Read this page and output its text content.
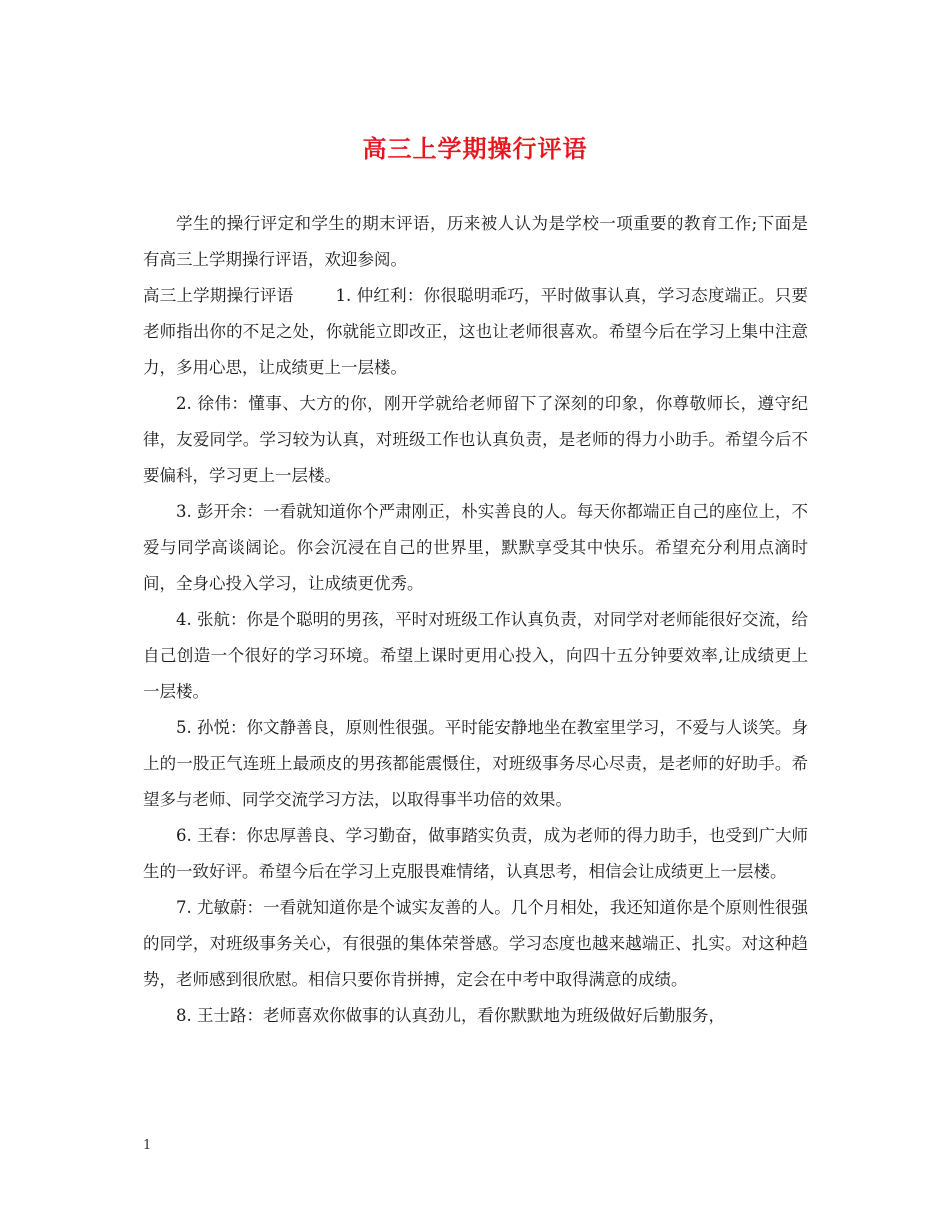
高三上学期操行评语

学生的操行评定和学生的期末评语，历来被人认为是学校一项重要的教育工作;下面是有高三上学期操行评语，欢迎参阅。

高三上学期操行评语	1. 仲红利：你很聪明乖巧，平时做事认真，学习态度端正。只要老师指出你的不足之处，你就能立即改正，这也让老师很喜欢。希望今后在学习上集中注意力，多用心思，让成绩更上一层楼。

2. 徐伟：懂事、大方的你，刚开学就给老师留下了深刻的印象，你尊敬师长，遵守纪律，友爱同学。学习较为认真，对班级工作也认真负责，是老师的得力小助手。希望今后不要偏科，学习更上一层楼。

3. 彭开余：一看就知道你个严肃刚正，朴实善良的人。每天你都端正自己的座位上，不爱与同学高谈阔论。你会沉浸在自己的世界里，默默享受其中快乐。希望充分利用点滴时间，全身心投入学习，让成绩更优秀。

4. 张航：你是个聪明的男孩，平时对班级工作认真负责，对同学对老师能很好交流，给自己创造一个很好的学习环境。希望上课时更用心投入，向四十五分钟要效率,让成绩更上一层楼。

5. 孙悦：你文静善良，原则性很强。平时能安静地坐在教室里学习，不爱与人谈笑。身上的一股正气连班上最顽皮的男孩都能震慑住，对班级事务尽心尽责，是老师的好助手。希望多与老师、同学交流学习方法，以取得事半功倍的效果。

6. 王春：你忠厚善良、学习勤奋，做事踏实负责，成为老师的得力助手，也受到广大师生的一致好评。希望今后在学习上克服畏难情绪，认真思考，相信会让成绩更上一层楼。

7. 尤敏蔚：一看就知道你是个诚实友善的人。几个月相处，我还知道你是个原则性很强的同学，对班级事务关心，有很强的集体荣誉感。学习态度也越来越端正、扎实。对这种趋势，老师感到很欣慰。相信只要你肯拼搏，定会在中考中取得满意的成绩。

8. 王士路：老师喜欢你做事的认真劲儿，看你默默地为班级做好后勤服务，

1
